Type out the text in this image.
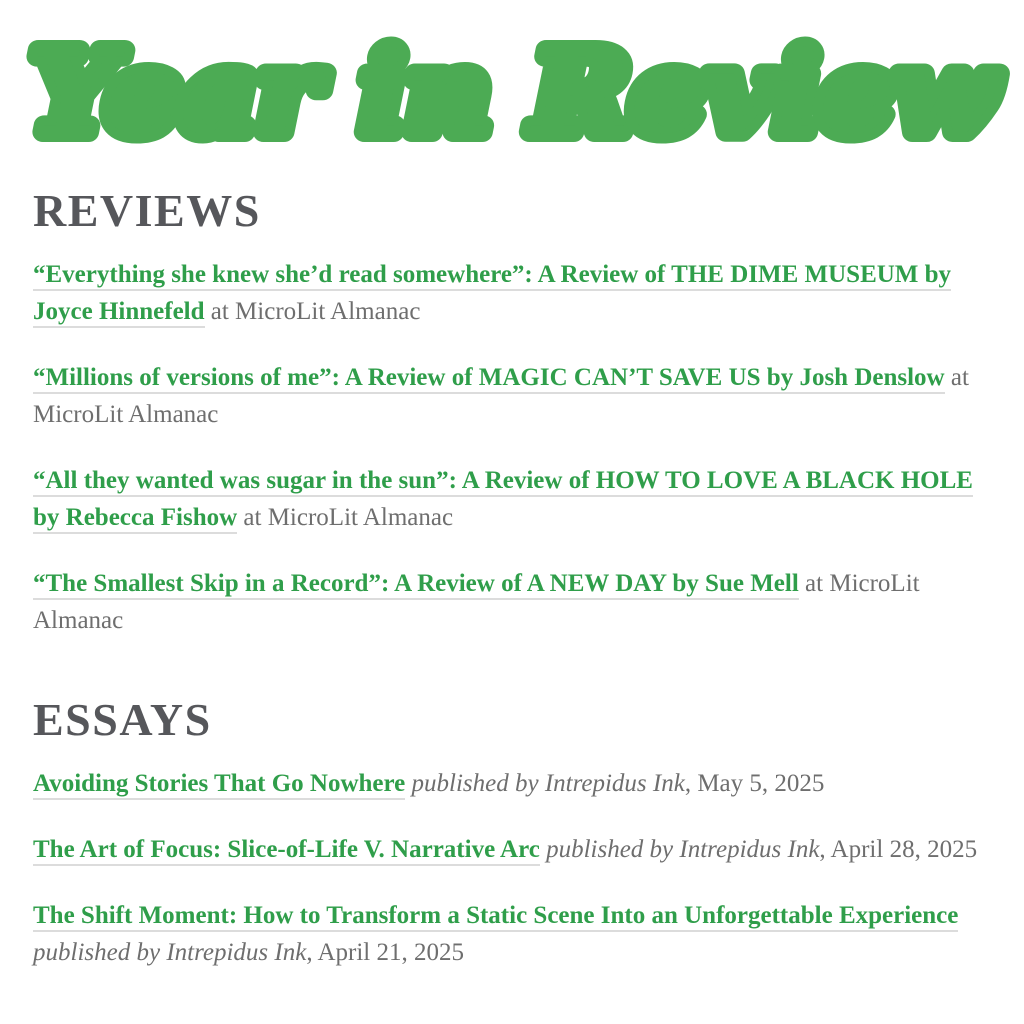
Year in Review
REVIEWS

“Everything she knew she’d read somewhere”: A Review of THE DIME MUSEUM by Joyce Hinnefeld at MicroLit Almanac

“Millions of versions of me”: A Review of MAGIC CAN’T SAVE US by Josh Denslow at MicroLit Almanac

“All they wanted was sugar in the sun”: A Review of HOW TO LOVE A BLACK HOLE by Rebecca Fishow at MicroLit Almanac

“The Smallest Skip in a Record”: A Review of A NEW DAY by Sue Mell at MicroLit Almanac

ESSAYS

Avoiding Stories That Go Nowhere published by Intrepidus Ink, May 5, 2025

The Art of Focus: Slice-of-Life V. Narrative Arc published by Intrepidus Ink, April 28, 2025

The Shift Moment: How to Transform a Static Scene Into an Unforgettable Experience published by Intrepidus Ink, April 21, 2025
